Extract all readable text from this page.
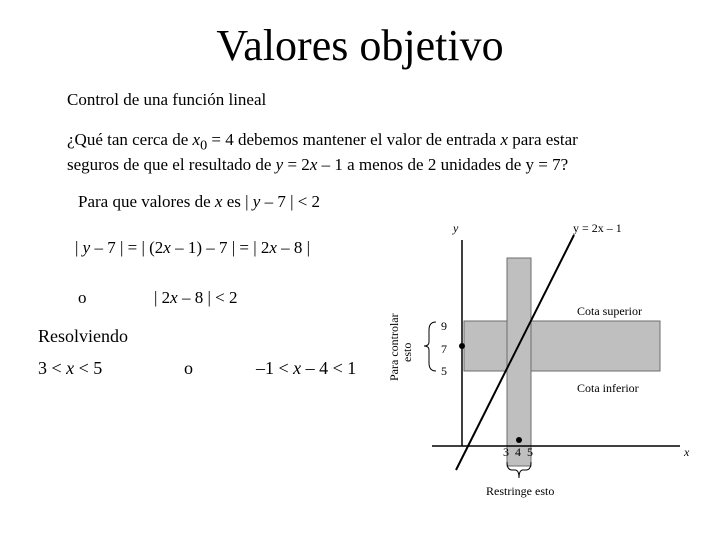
Valores objetivo
Control de una función lineal
¿Qué tan cerca de $x_0 = 4$ debemos mantener el valor de entrada x para estar
seguros de que el resultado de y = 2x – 1 a menos de 2 unidades de y = 7?
Para que valores de x es | y – 7 | < 2
| y – 7 | = | (2x – 1) – 7 | = | 2x – 8 |
o	| 2x – 8 | < 2
Resolviendo
3 < x < 5	o	–1 < x – 4 < 1
y
x
y = 2x – 1
Cota superior
Cota inferior
9
7
5
3 4 5
Restringe esto
Para controlar esto
